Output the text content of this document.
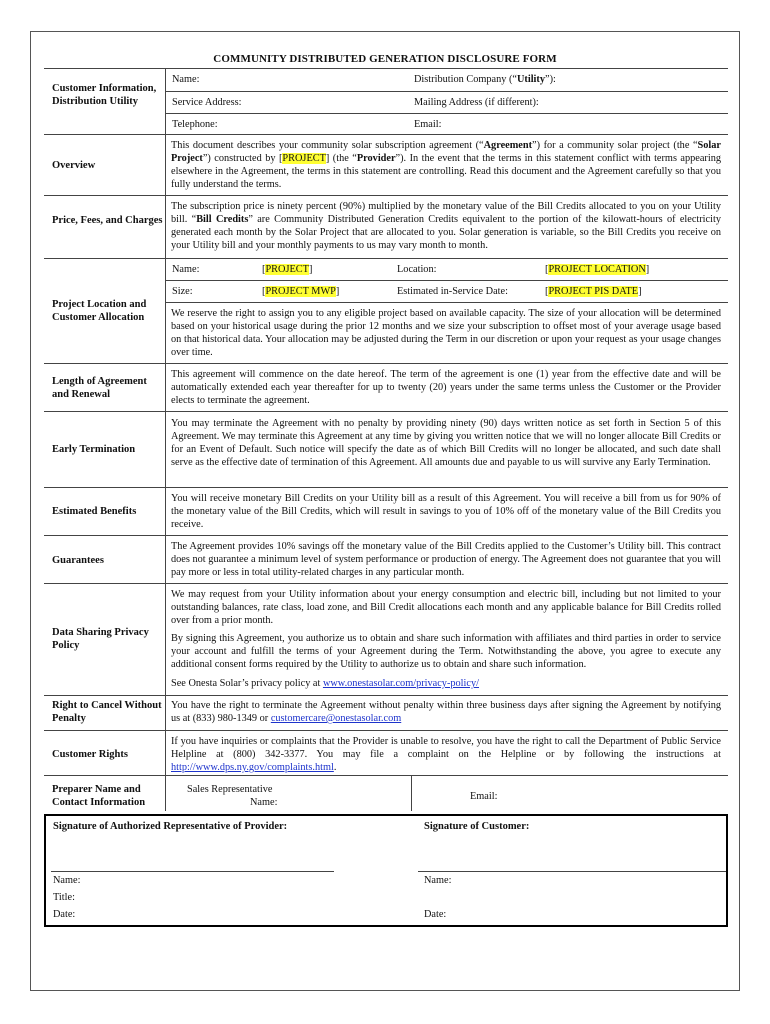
COMMUNITY DISTRIBUTED GENERATION DISCLOSURE FORM
Customer Information, Distribution Utility
Name:	Distribution Company (“Utility”):
Service Address:	Mailing Address (if different):
Telephone:	Email:
Overview
This document describes your community solar subscription agreement (“Agreement”) for a community solar project (the “Solar Project”) constructed by [PROJECT] (the “Provider”). In the event that the terms in this statement conflict with terms appearing elsewhere in the Agreement, the terms in this statement are controlling. Read this document and the Agreement carefully so that you fully understand the terms.
Price, Fees, and Charges
The subscription price is ninety percent (90%) multiplied by the monetary value of the Bill Credits allocated to you on your Utility bill. “Bill Credits” are Community Distributed Generation Credits equivalent to the portion of the kilowatt-hours of electricity generated each month by the Solar Project that are allocated to you. Solar generation is variable, so the Bill Credits you receive on your Utility bill and your monthly payments to us may vary month to month.
Project Location and Customer Allocation
Name:	[PROJECT]	Location:	[PROJECT LOCATION]
Size:	[PROJECT MWP]	Estimated in-Service Date:	[PROJECT PIS DATE]
We reserve the right to assign you to any eligible project based on available capacity. The size of your allocation will be determined based on your historical usage during the prior 12 months and we size your subscription to offset most of your average usage based on that historical data. Your allocation may be adjusted during the Term in our discretion or upon your request as your usage changes over time.
Length of Agreement and Renewal
This agreement will commence on the date hereof. The term of the agreement is one (1) year from the effective date and will be automatically extended each year thereafter for up to twenty (20) years under the same terms unless the Customer or the Provider elects to terminate the agreement.
Early Termination
You may terminate the Agreement with no penalty by providing ninety (90) days written notice as set forth in Section 5 of this Agreement. We may terminate this Agreement at any time by giving you written notice that we will no longer allocate Bill Credits or for an Event of Default. Such notice will specify the date as of which Bill Credits will no longer be allocated, and such date shall serve as the effective date of termination of this Agreement. All amounts due and payable to us will survive any Early Termination.
Estimated Benefits
You will receive monetary Bill Credits on your Utility bill as a result of this Agreement. You will receive a bill from us for 90% of the monetary value of the Bill Credits, which will result in savings to you of 10% off of the monetary value of the Bill Credits you receive.
Guarantees
The Agreement provides 10% savings off the monetary value of the Bill Credits applied to the Customer’s Utility bill. This contract does not guarantee a minimum level of system performance or production of energy. The Agreement does not guarantee that you will pay more or less in total utility-related charges in any particular month.
Data Sharing Privacy Policy
We may request from your Utility information about your energy consumption and electric bill, including but not limited to your outstanding balances, rate class, load zone, and Bill Credit allocations each month and any applicable balance for Bill Credits rolled over from a prior month.
By signing this Agreement, you authorize us to obtain and share such information with affiliates and third parties in order to service your account and fulfill the terms of your Agreement during the Term. Notwithstanding the above, you agree to execute any additional consent forms required by the Utility to authorize us to obtain and share such information.
See Onesta Solar’s privacy policy at www.onestasolar.com/privacy-policy/
Right to Cancel Without Penalty
You have the right to terminate the Agreement without penalty within three business days after signing the Agreement by notifying us at (833) 980-1349 or customercare@onestasolar.com
Customer Rights
If you have inquiries or complaints that the Provider is unable to resolve, you have the right to call the Department of Public Service Helpline at (800) 342-3377. You may file a complaint on the Helpline or by following the instructions at http://www.dps.ny.gov/complaints.html.
Preparer Name and Contact Information
Sales Representative
Name:
Email:
Signature of Authorized Representative of Provider:	Signature of Customer:
Name:
Title:
Date:
Name:
Date:
